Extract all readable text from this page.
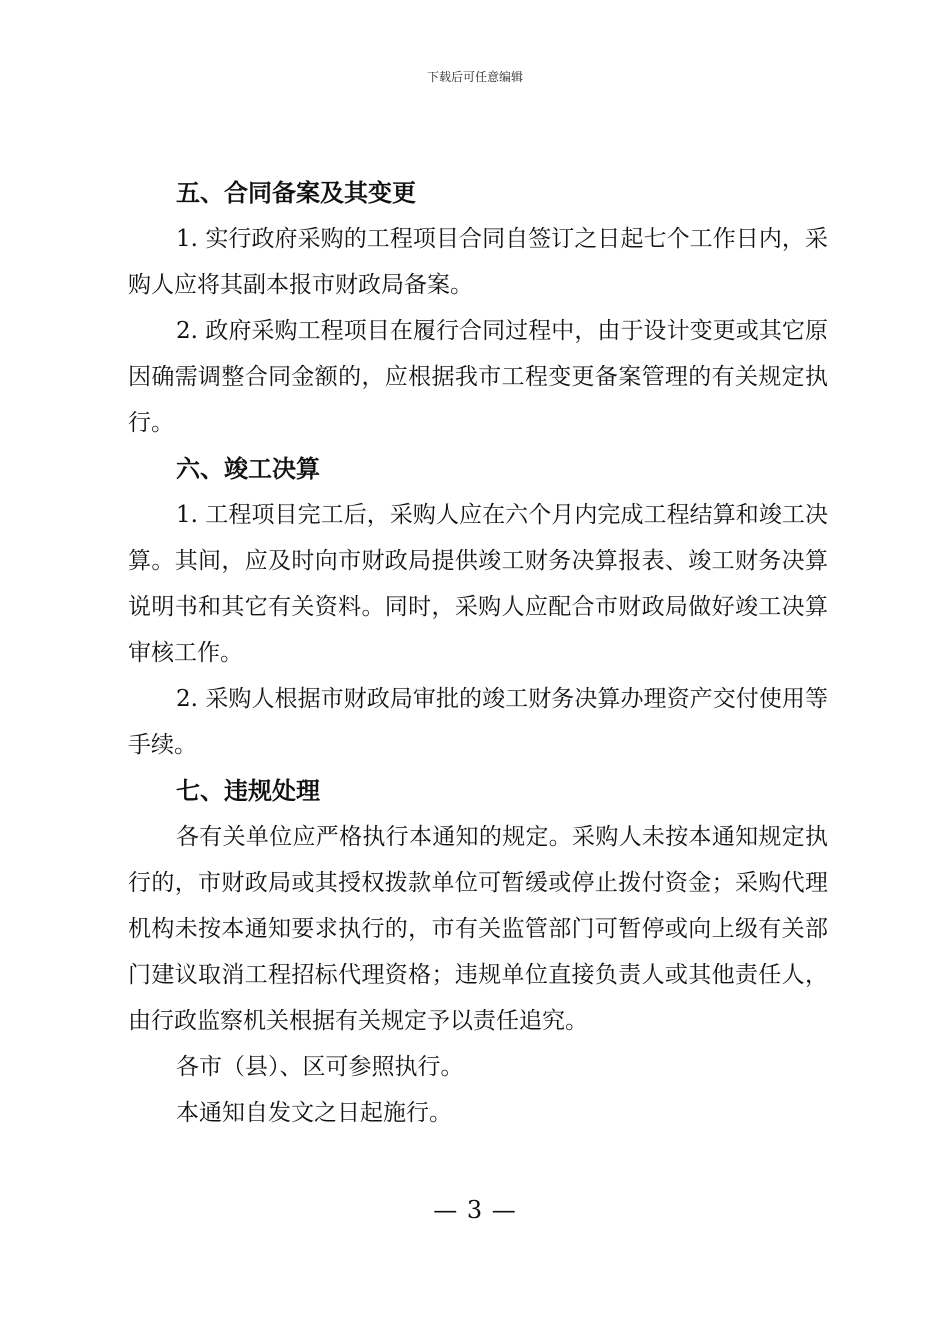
下载后可任意编辑

五、合同备案及其变更

1. 实行政府采购的工程项目合同自签订之日起七个工作日内，采购人应将其副本报市财政局备案。

2. 政府采购工程项目在履行合同过程中，由于设计变更或其它原因确需调整合同金额的，应根据我市工程变更备案管理的有关规定执行。

六、竣工决算

1. 工程项目完工后，采购人应在六个月内完成工程结算和竣工决算。其间，应及时向市财政局提供竣工财务决算报表、竣工财务决算说明书和其它有关资料。同时，采购人应配合市财政局做好竣工决算审核工作。

2. 采购人根据市财政局审批的竣工财务决算办理资产交付使用等手续。

七、违规处理

各有关单位应严格执行本通知的规定。采购人未按本通知规定执行的，市财政局或其授权拨款单位可暂缓或停止拨付资金；采购代理机构未按本通知要求执行的，市有关监管部门可暂停或向上级有关部门建议取消工程招标代理资格；违规单位直接负责人或其他责任人，由行政监察机关根据有关规定予以责任追究。

各市（县）、区可参照执行。

本通知自发文之日起施行。

— 3 —
